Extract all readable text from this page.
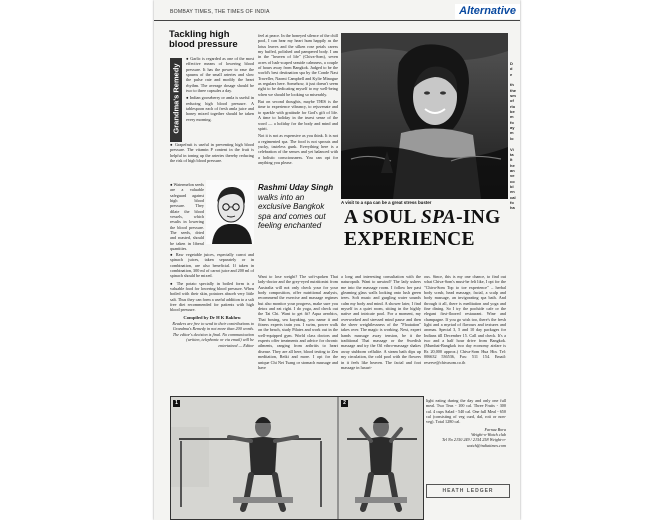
BOMBAY TIMES, THE TIMES OF INDIA	Alternative
Tackling high blood pressure
Grandma's Remedy

● Garlic is regarded as one of the most effective means of lowering blood pressure. It has the power to ease the spasms of the small arteries and slow the pulse rate and modify the heart rhythm. The average dosage should be two to three capsules a day.

● Indian gooseberry or amla is useful in reducing high blood pressure. A tablespoon each of fresh amla juice and honey mixed together should be taken every morning.

● Grapefruit is useful in preventing high blood pressure. The vitamin P content in the fruit is helpful in toning up the arteries thereby reducing the risk of high blood pressure.

● Watermelon seeds are a valuable safeguard against high blood pressure. They dilate the blood vessels, which results in lowering the blood pressure. The seeds, dried and roasted, should be taken in liberal quantities.

● Raw vegetable juices, especially carrot and spinach juices, taken separately or in combination, are also beneficial. If taken in combination, 300 ml of carrot juice and 200 ml of spinach should be mixed.

● The potato specially in boiled form is a valuable food for lowering blood pressure. When boiled with their skin, potatoes absorb very little salt. Thus they can form a useful addition to a salt free diet recommended for patients with high blood pressure.

Compiled by Dr H K Bakhru

Readers are free to send in their contributions to Grandma's Remedy in not more than 200 words. The editor's decision is final. No communication (written, telephonic or via email) will be entertained — Editor

feel at peace. In the honeyed silence of the chill pool, I can hear my heart hum happily as the lotus leaves and the silken rose petals caress my buffed, polished and pampered body. I am in the "heaven of life" (Chiva-Som), seven acres of lush-scaped seaside calmness, a couple of hours away from Bangkok. Judged to be the world's best destination spa by the Conde Nast Traveller, Naomi Campbell and Kylie Minogue as regulars here. Somehow, it just doesn't seem right to be dedicating myself to my well-being when we should be looking so miserably.

But on second thoughts, maybe THIS is the time to experience vibrancy, to rejuvenate and to sparkle with gratitude for God's gift of life. A time to holiday in the truest sense of the word — a holiday for the body and mind and spirit.

Not it is not as expensive as you think. It is not a regimented spa. The food is not sprouts and yucky, tasteless gunk. Everything here is a celebration of the senses and yet balanced with a holistic consciousness. You can opt for anything you please.

A visit to a spa can be a great stress buster
Rashmi Uday Singh walks into an exclusive Bangkok spa and comes out feeling enchanted	A SOUL SPA-ING EXPERIENCE

Want to lose weight? The soft-spoken Thai lady-doctor and the grey-eyed nutritionist from Australia will not only check your for your body composition, offer nutritional analysis, recommend the exercise and massage regimes but also monitor your progress, make sure you detox and eat right. I do yoga, and check out the Tai Chi. Want to get fit? Aqua aerobics, Thai boxing, sea kayaking, you name it and fitness experts train you. I swim, power walk on the beach, study Pilates and work out in the well-equipped gym. World class doctors and experts offer treatments and advice for chronic ailments, ranging from arthritis to heart disease. They are all here, blood testing to Zen meditation, Reiki and more. I opt for the unique Chi Nei Tsang or stomach massage and have

a long and interesting consultation with the naturopath. Want to unwind? The lady ushers me into the massage room. I follow her past gleaming glass walls looking onto lush green trees. Soft music and gurgling water sounds calm my body and mind. A shower later, I find myself in a quiet room, sitting in the highly native and intricate pool. For a moment, my overworked and stressed mind pause and then the sheer weightlessness of the "Floatation" takes over. The magic is working. Next, expert hands massage away tension, be it the traditional Thai massage or the Swedish massage and try the Oil vibro-massage shakes away stubborn cellulite. A steam bath dips up my circulation, the cold pool with the flowers in it feels like heaven. The facial and foot massage in luxuri-

ous. Since, this is my one chance, to find out what Chiva-Som's must-be felt like, I opt for the "Chiva-Som Top to toe experience" – herbal body scrub, head massage, facial, a scalp and body massage, an invigorating spa bath. And through it all, there is meditation and yoga and fine dining. So I try the poolside cafe or the elegant first-floored restaurant. Wine and champagne. If you go wish too, there's the fresh light and a myriad of flavours and textures and aromas. Special 3, 5 and 10 day packages for Indians till December 15. Call and check. It's a two and a half hour drive from Bangkok. (Mumbai-Bangkok two day economy airfare is Rs 20,000 approx.) Chiva-Som Hua Hin. Tel: 006632 536536, Fax: 511 154. Email: reserve@chivasom.co.th

1	2	light eating during the day and only one full meal. Two Teas - 100 cal. Three Fruits - 300 cal. 4 cups Salad - 540 cal. One full Meal - 650 cal (consisting of veg curd, dal, roti or non-veg). Total 1280 cal.

Farnaz Bora

Weight-o-Watch club

Tel No 2150 249 / 2154 258 Weight-o-watch@indiatimes.com

HEATH LEDGER
D
d
e

th
the
sm
of
rlo
be
m
fo
ay
m
lo

Vi
ta
It
he
an
ve
co
bl
en
cal
fo
ha
